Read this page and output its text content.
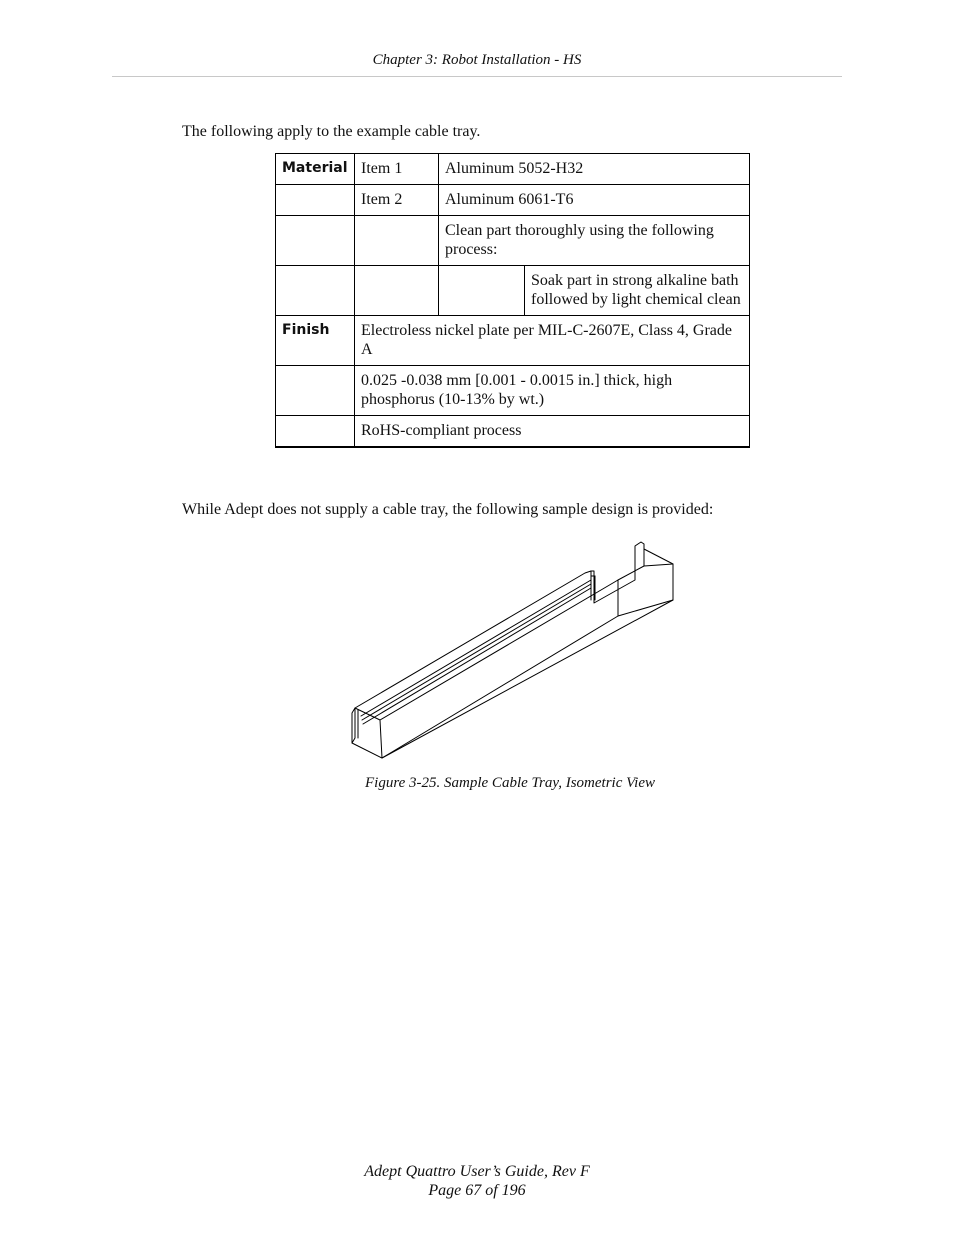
Chapter 3: Robot Installation - HS
The following apply to the example cable tray.
Material	Item 1	Aluminum 5052-H32	
	Item 2	Aluminum 6061-T6	
		Clean part thoroughly using the following process:	
			Soak part in strong alkaline bath followed by light chemical clean
Finish	Electroless nickel plate per MIL-C-2607E, Class 4, Grade A		
	0.025 -0.038 mm [0.001 - 0.0015 in.] thick, high phosphorus (10-13% by wt.)		
	RoHS-compliant process		
While Adept does not supply a cable tray, the following sample design is provided:
Figure 3-25. Sample Cable Tray, Isometric View
Adept Quattro User’s Guide, Rev F
Page 67 of 196
